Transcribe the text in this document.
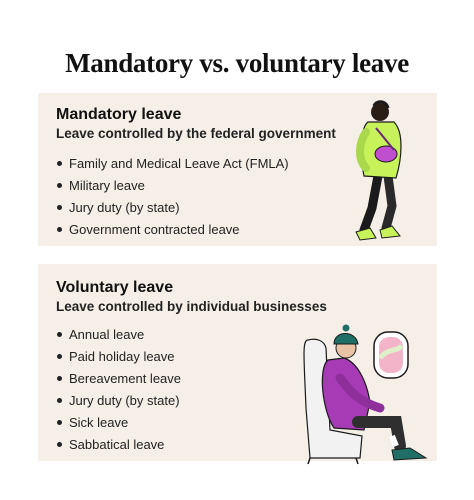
Mandatory vs. voluntary leave
Mandatory leave

Leave controlled by the federal government

Family and Medical Leave Act (FMLA)
Military leave
Jury duty (by state)
Government contracted leave
Voluntary leave

Leave controlled by individual businesses

Annual leave
Paid holiday leave
Bereavement leave
Jury duty (by state)
Sick leave
Sabbatical leave
